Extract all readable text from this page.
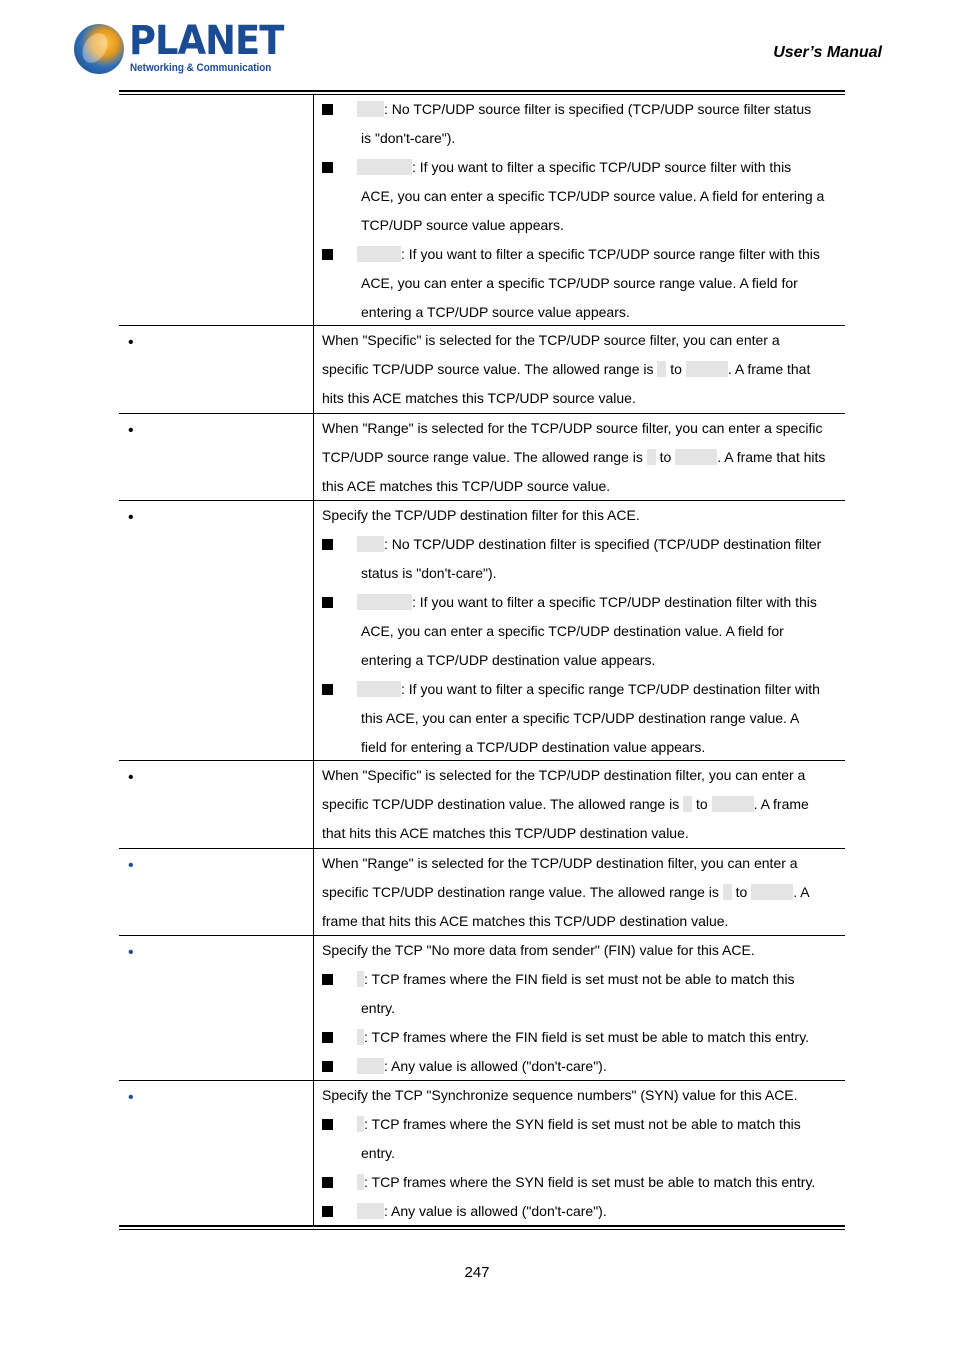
PLANET
Networking & Communication
User’s Manual
: No TCP/UDP source filter is specified (TCP/UDP source filter status
is "don't-care").
: If you want to filter a specific TCP/UDP source filter with this
ACE, you can enter a specific TCP/UDP source value. A field for entering a
TCP/UDP source value appears.
: If you want to filter a specific TCP/UDP source range filter with this
ACE, you can enter a specific TCP/UDP source range value. A field for
entering a TCP/UDP source value appears.
•	When "Specific" is selected for the TCP/UDP source filter, you can enter a
specific TCP/UDP source value. The allowed range is to	. A frame that
hits this ACE matches this TCP/UDP source value.
•	When "Range" is selected for the TCP/UDP source filter, you can enter a specific
TCP/UDP source range value. The allowed range is to	. A frame that hits
this ACE matches this TCP/UDP source value.
•	Specify the TCP/UDP destination filter for this ACE.
: No TCP/UDP destination filter is specified (TCP/UDP destination filter
status is "don't-care").
: If you want to filter a specific TCP/UDP destination filter with this
ACE, you can enter a specific TCP/UDP destination value. A field for
entering a TCP/UDP destination value appears.
: If you want to filter a specific range TCP/UDP destination filter with
this ACE, you can enter a specific TCP/UDP destination range value. A
field for entering a TCP/UDP destination value appears.
•	When "Specific" is selected for the TCP/UDP destination filter, you can enter a
specific TCP/UDP destination value. The allowed range is to	. A frame
that hits this ACE matches this TCP/UDP destination value.
•	When "Range" is selected for the TCP/UDP destination filter, you can enter a
specific TCP/UDP destination range value. The allowed range is to	. A
frame that hits this ACE matches this TCP/UDP destination value.
•	Specify the TCP "No more data from sender" (FIN) value for this ACE.
: TCP frames where the FIN field is set must not be able to match this
entry.
: TCP frames where the FIN field is set must be able to match this entry.
: Any value is allowed ("don't-care").
•	Specify the TCP "Synchronize sequence numbers" (SYN) value for this ACE.
: TCP frames where the SYN field is set must not be able to match this
entry.
: TCP frames where the SYN field is set must be able to match this entry.
: Any value is allowed ("don't-care").
247
